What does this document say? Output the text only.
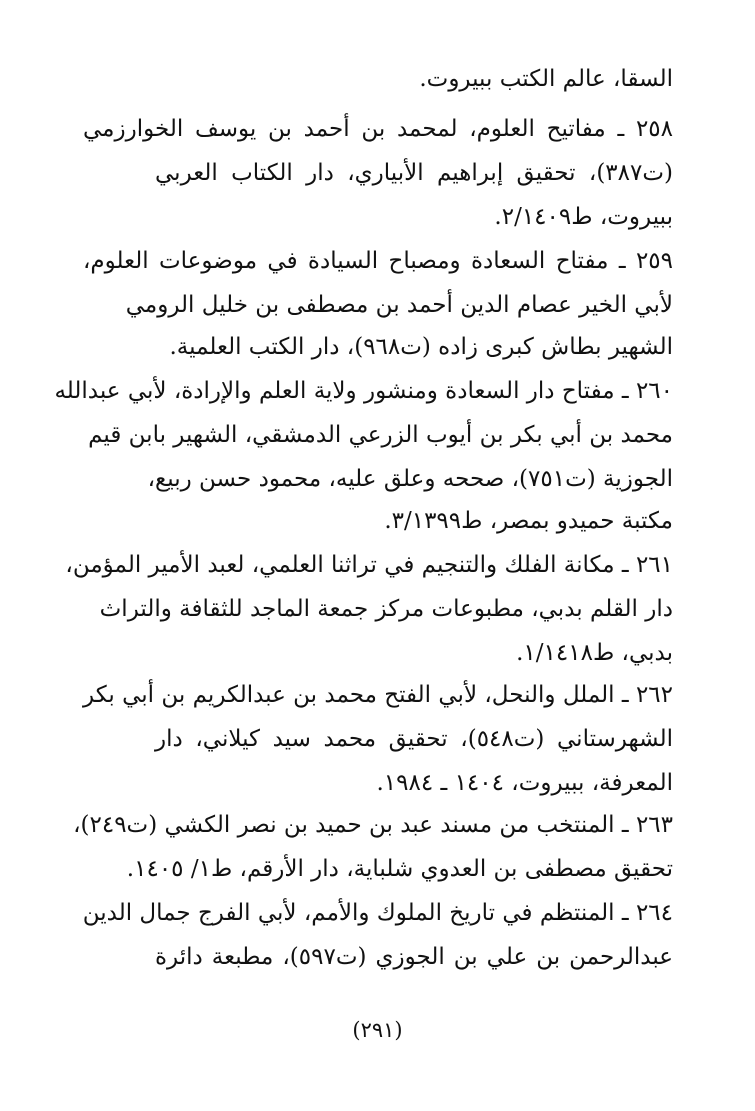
السقا، عالم الكتب ببيروت.
٢٥٨ ـ مفاتيح العلوم، لمحمد بن أحمد بن يوسف الخوارزمي
(ت٣٨٧)، تحقيق إبراهيم الأبياري، دار الكتاب العربي
ببيروت، ط٢/١٤٠٩.
٢٥٩ ـ مفتاح السعادة ومصباح السيادة في موضوعات العلوم،
لأبي الخير عصام الدين أحمد بن مصطفى بن خليل الرومي
الشهير بطاش كبرى زاده (ت٩٦٨)، دار الكتب العلمية.
٢٦٠ ـ مفتاح دار السعادة ومنشور ولاية العلم والإرادة، لأبي عبدالله
محمد بن أبي بكر بن أيوب الزرعي الدمشقي، الشهير بابن قيم
الجوزية (ت٧٥١)، صححه وعلق عليه، محمود حسن ربيع،
مكتبة حميدو بمصر، ط٣/١٣٩٩.
٢٦١ ـ مكانة الفلك والتنجيم في تراثنا العلمي، لعبد الأمير المؤمن،
دار القلم بدبي، مطبوعات مركز جمعة الماجد للثقافة والتراث
بدبي، ط١/١٤١٨.
٢٦٢ ـ الملل والنحل، لأبي الفتح محمد بن عبدالكريم بن أبي بكر
الشهرستاني (ت٥٤٨)، تحقيق محمد سيد كيلاني، دار
المعرفة، ببيروت، ١٤٠٤ ـ ١٩٨٤.
٢٦٣ ـ المنتخب من مسند عبد بن حميد بن نصر الكشي (ت٢٤٩)،
تحقيق مصطفى بن العدوي شلباية، دار الأرقم، ط١/ ١٤٠٥.
٢٦٤ ـ المنتظم في تاريخ الملوك والأمم، لأبي الفرج جمال الدين
عبدالرحمن بن علي بن الجوزي (ت٥٩٧)، مطبعة دائرة
(٢٩١)
